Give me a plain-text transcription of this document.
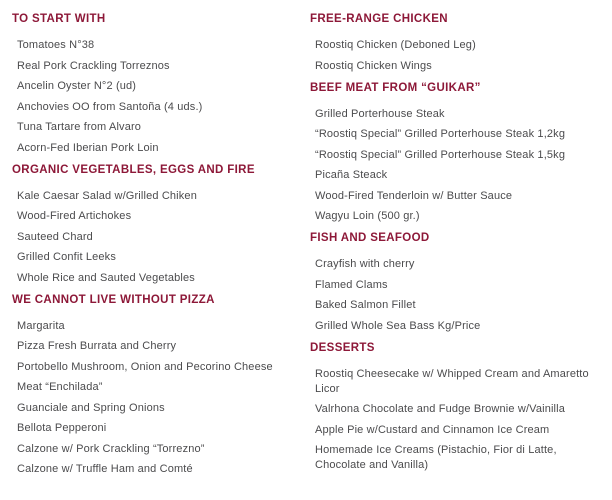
TO START WITH
Tomatoes N°38
Real Pork Crackling Torreznos
Ancelin Oyster N°2 (ud)
Anchovies OO from Santoña (4 uds.)
Tuna Tartare from Alvaro
Acorn-Fed Iberian Pork Loin
ORGANIC VEGETABLES, EGGS AND FIRE
Kale Caesar Salad w/Grilled Chiken
Wood-Fired Artichokes
Sauteed Chard
Grilled Confit Leeks
Whole Rice and Sauted Vegetables
WE CANNOT LIVE WITHOUT PIZZA
Margarita
Pizza Fresh Burrata and Cherry
Portobello Mushroom, Onion and Pecorino Cheese
Meat “Enchilada”
Guanciale and Spring Onions
Bellota Pepperoni
Calzone w/ Pork Crackling “Torrezno”
Calzone w/ Truffle Ham and Comté
FREE-RANGE CHICKEN
Roostiq Chicken (Deboned Leg)
Roostiq Chicken Wings
BEEF MEAT FROM “GUIKAR”
Grilled Porterhouse Steak
“Roostiq Special” Grilled Porterhouse Steak 1,2kg
“Roostiq Special” Grilled Porterhouse Steak 1,5kg
Picaña Steack
Wood-Fired Tenderloin w/ Butter Sauce
Wagyu Loin (500 gr.)
FISH AND SEAFOOD
Crayfish with cherry
Flamed Clams
Baked Salmon Fillet
Grilled Whole Sea Bass Kg/Price
DESSERTS
Roostiq Cheesecake w/ Whipped Cream and Amaretto Licor
Valrhona Chocolate and Fudge Brownie w/Vainilla
Apple Pie w/Custard and Cinnamon Ice Cream
Homemade Ice Creams (Pistachio, Fior di Latte, Chocolate and Vanilla)
